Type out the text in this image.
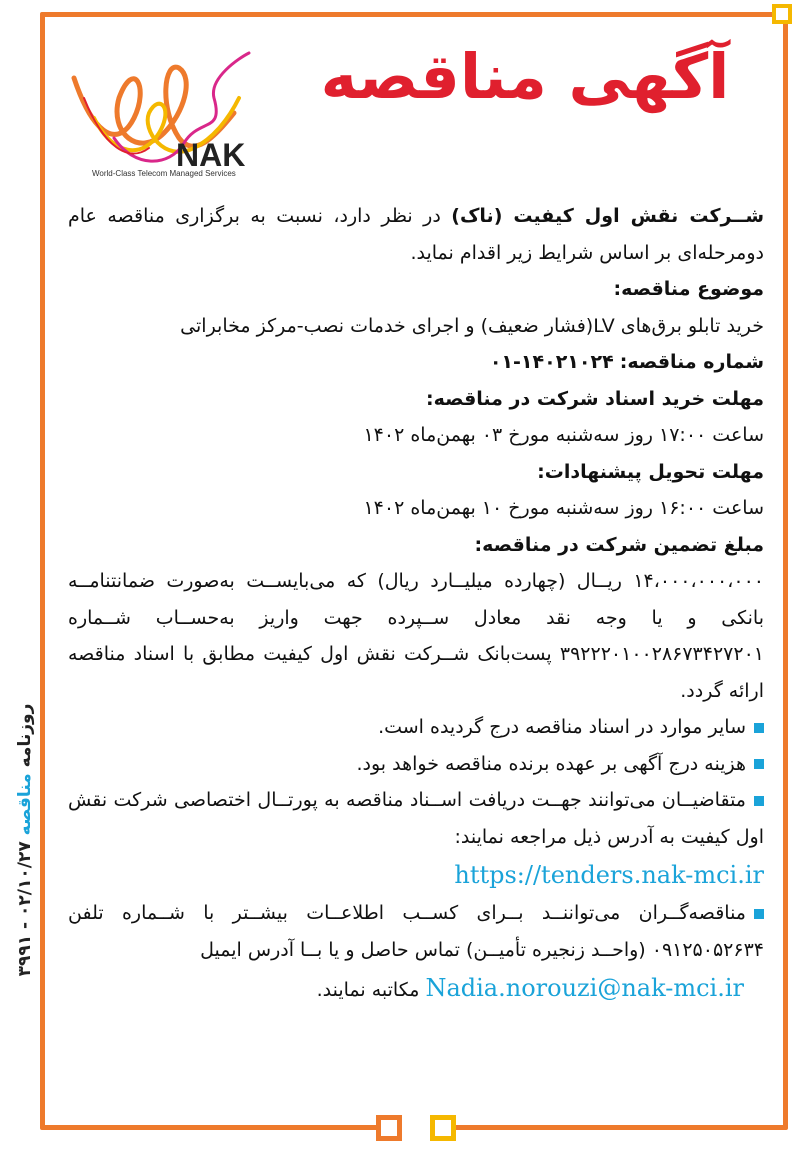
روزنامه مناقصه ۰۲/۱۰/۲۷ - ۳۹۹۱
NAK
World-Class Telecom Managed Services
آگهی مناقصه

شــرکت نقش اول کیفیت (ناک) در نظر دارد، نسبت به برگزاری مناقصه عام دومرحله‌ای بر اساس شرایط زیر اقدام نماید.

موضوع مناقصه:

خرید تابلو برق‌های LV(فشار ضعیف) و اجرای خدمات نصب-مرکز مخابراتی

شماره مناقصه: ۱۴۰۲۱۰۲۴-۰۱

مهلت خرید اسناد شرکت در مناقصه:

ساعت ۱۷:۰۰ روز سه‌شنبه مورخ ۰۳ بهمن‌ماه ۱۴۰۲

مهلت تحویل پیشنهادات:

ساعت ۱۶:۰۰ روز سه‌شنبه مورخ ۱۰ بهمن‌ماه ۱۴۰۲

مبلغ تضمین شرکت در مناقصه:

۱۴،۰۰۰،۰۰۰،۰۰۰ ریــال (چهارده میلیــارد ریال) که می‌بایســت به‌صورت ضمانتنامــه بانکی و یا وجه نقد معادل ســپرده جهت واریز به‌حســاب شــماره ۳۹۲۲۲۰۱۰۰۲۸۶۷۳۴۲۷۲۰۱ پست‌بانک شــرکت نقش اول کیفیت مطابق با اسناد مناقصه ارائه گردد.

سایر موارد در اسناد مناقصه درج گردیده است.

هزینه درج آگهی بر عهده برنده مناقصه خواهد بود.

متقاضیــان می‌توانند جهــت دریافت اســناد مناقصه به پورتــال اختصاصی شرکت نقش اول کیفیت به آدرس ذیل مراجعه نمایند:

https://tenders.nak-mci.ir

مناقصه‌گــران می‌تواننــد بــرای کســب اطلاعــات بیشــتر با شــماره تلفن ۰۹۱۲۵۰۵۲۶۳۴ (واحــد زنجیره تأمیــن) تماس حاصل و یا بــا آدرس ایمیل

Nadia.norouzi@nak-mci.ir مکاتبه نمایند.
